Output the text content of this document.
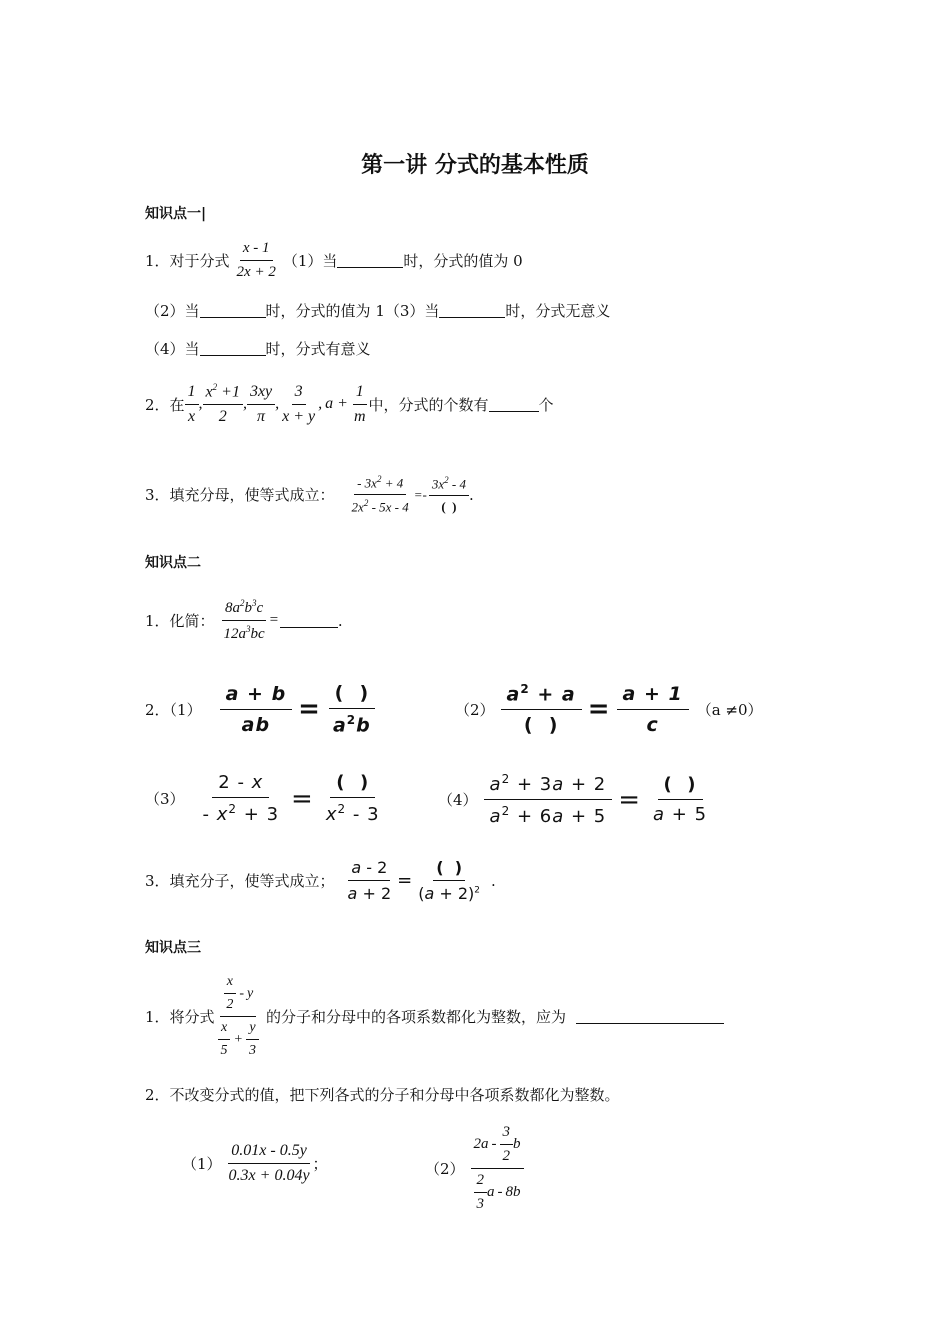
第一讲 分式的基本性质
知识点一|
1．对于分式 $\frac{x - 1}{2x + 2} (1)$当	时，分式的值为 0
（2）当	时，分式的值为 1 （3）当	时，分式无意义
（4）当	时，分式有意义
2．在 $\frac{1}{x}$ , $\frac{x^2 +1}{2}$ , $\frac{3xy}{\pi}$ , $\frac{3}{x + y}$ , $a + \frac{1}{m}$ 中，分式的个数有	个
3．填充分母，使等式成立： $\frac{- 3x^2 + 4}{2x^2 - 5x - 4} =- \frac{3x^2 - 4}{( )}$ .
知识点二
1．化简： $\frac{8a^2b^3c}{12a^3bc}$ =	.
2．$(1) \frac{a + b}{ab} = \frac{( )}{a^2b}$	$(2) \frac{a^2 + a}{( )} = \frac{a + 1}{c} (a \ne 0)$
$(3) \frac{2 - x}{- x^2 + 3} = \frac{( )}{x^2 - 3}$	$(4) \frac{a^2 + 3a + 2}{a^2 + 6a + 5} = \frac{( )}{a + 5}$
3．填充分子，使等式成立； $\frac{a - 2}{a + 2} = \frac{( )}{(a + 2)^2}$ .
知识点三
1．将分式 $\frac{\frac{x}{2} - y}{\frac{x}{5} + \frac{y}{3}}$ 的分子和分母中的各项系数都化为整数，应为
2．不改变分式的值，把下列各式的分子和分母中各项系数都化为整数。
$(1) \frac{0.01x - 0.5y}{0.3x + 0.04y}$ ；	$(2) \frac{2a - \frac{3}{2} b}{\frac{2}{3} a - 8b}$
